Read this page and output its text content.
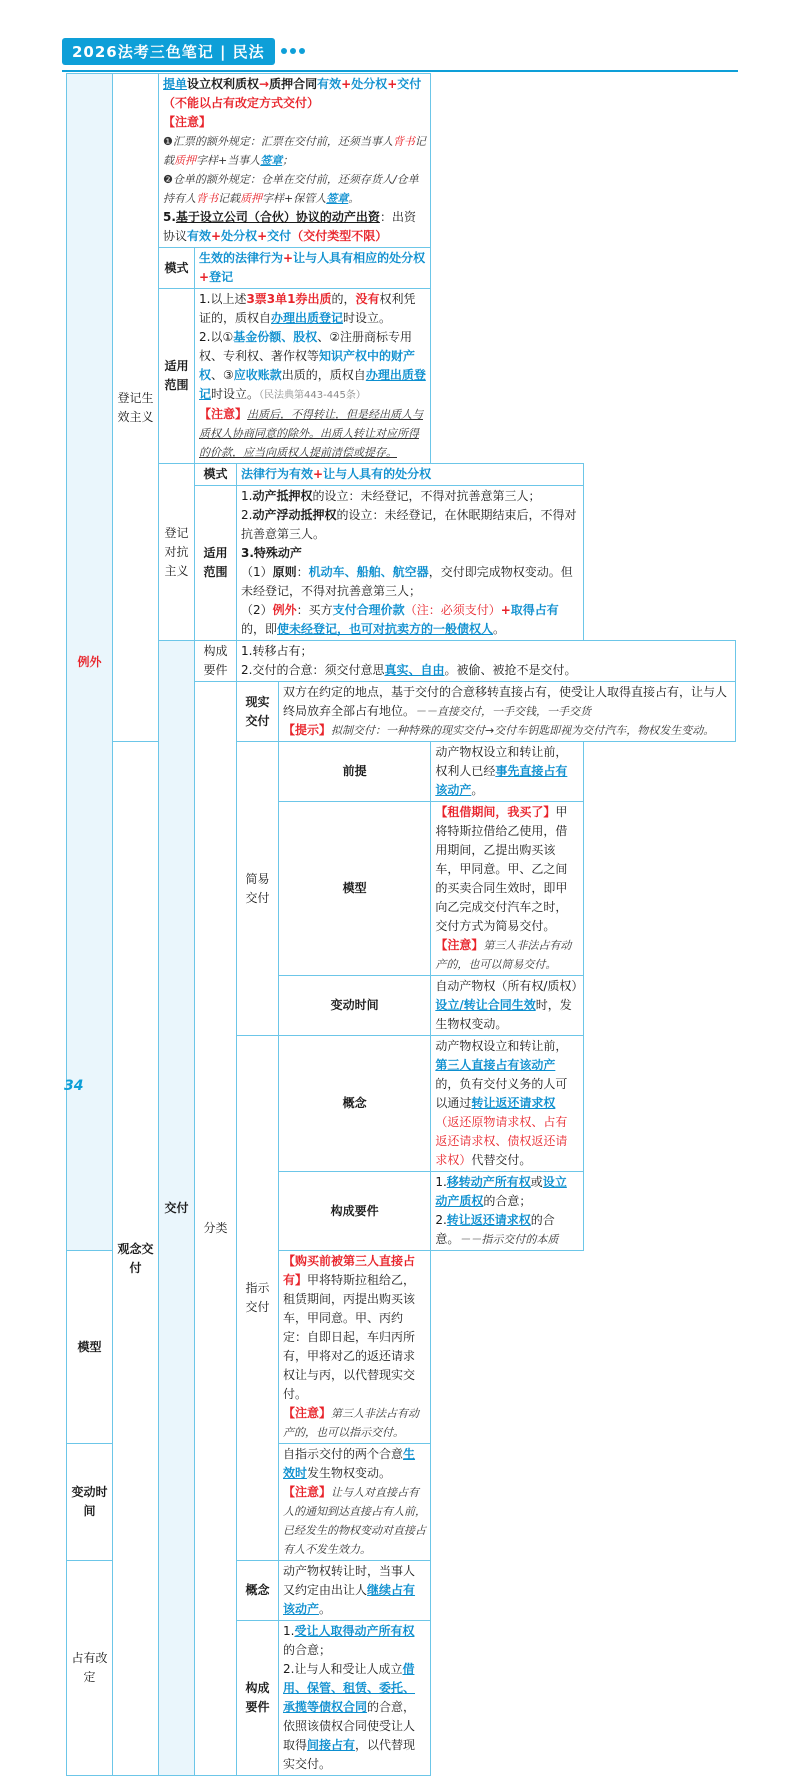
2026法考三色笔记 | 民法
例外	登记生效主义	提单设立权利质权→质押合同有效+处分权+交付（不能以占有改定方式交付）
【注意】
❶汇票的额外规定：汇票在交付前，还须当事人背书记载质押字样+当事人签章；
❷仓单的额外规定：仓单在交付前，还须存货人/仓单持有人背书记载质押字样+保管人签章。
5.基于设立公司（合伙）协议的动产出资：出资协议有效+处分权+交付（交付类型不限）				
		模式	生效的法律行为+让与人具有相应的处分权+登记			
		适用范围	1.以上述3票3单1券出质的，没有权利凭证的，质权自办理出质登记时设立。
2.以①基金份额、股权、②注册商标专用权、专利权、著作权等知识产权中的财产权、③应收账款出质的，质权自办理出质登记时设立。（民法典第443-445条）
【注意】出质后，不得转让，但是经出质人与质权人协商同意的除外。出质人转让对应所得的价款，应当向质权人提前清偿或提存。			
		登记对抗主义	模式	法律行为有效+让与人具有的处分权		
			适用范围	1.动产抵押权的设立：未经登记，不得对抗善意第三人；
2.动产浮动抵押权的设立：未经登记，在休眠期结束后，不得对抗善意第三人。
3.特殊动产
（1）原则：机动车、船舶、航空器，交付即完成物权变动。但未经登记，不得对抗善意第三人；
（2）例外：买方支付合理价款（注：必须支付）+取得占有的，即使未经登记，也可对抗卖方的一般债权人。		
		交付	构成要件	1.转移占有；
2.交付的合意：须交付意思真实、自由。被偷、被抢不是交付。		
			分类	现实交付	双方在约定的地点，基于交付的合意移转直接占有，使受让人取得直接占有，让与人终局放弃全部占有地位。－－直接交付，一手交钱，一手交货
【提示】拟制交付：一种特殊的现实交付→交付车钥匙即视为交付汽车，物权发生变动。	
	观念交付			简易交付	前提	动产物权设立和转让前，权利人已经事先直接占有该动产。
					模型	【租借期间，我买了】甲将特斯拉借给乙使用，借用期间，乙提出购买该车，甲同意。甲、乙之间的买卖合同生效时，即甲向乙完成交付汽车之时，交付方式为简易交付。
【注意】第三人非法占有动产的，也可以简易交付。
					变动时间	自动产物权（所有权/质权）设立/转让合同生效时，发生物权变动。
				指示交付	概念	动产物权设立和转让前，第三人直接占有该动产的，负有交付义务的人可以通过转让返还请求权（返还原物请求权、占有返还请求权、债权返还请求权）代替交付。
					构成要件	1.移转动产所有权或设立动产质权的合意；
2.转让返还请求权的合意。－－指示交付的本质
模型					【购买前被第三人直接占有】甲将特斯拉租给乙，租赁期间，丙提出购买该车，甲同意。甲、丙约定：自即日起，车归丙所有，甲将对乙的返还请求权让与丙，以代替现实交付。
【注意】第三人非法占有动产的，也可以指示交付。	
变动时间					自指示交付的两个合意生效时发生物权变动。
【注意】让与人对直接占有人的通知到达直接占有人前，已经发生的物权变动对直接占有人不发生效力。	
占有改定				概念	动产物权转让时，当事人又约定由出让人继续占有该动产。	
				构成要件	1.受让人取得动产所有权的合意；
2.让与人和受让人成立借用、保管、租赁、委托、承揽等债权合同的合意，依照该债权合同使受让人取得间接占有，以代替现实交付。	
34
